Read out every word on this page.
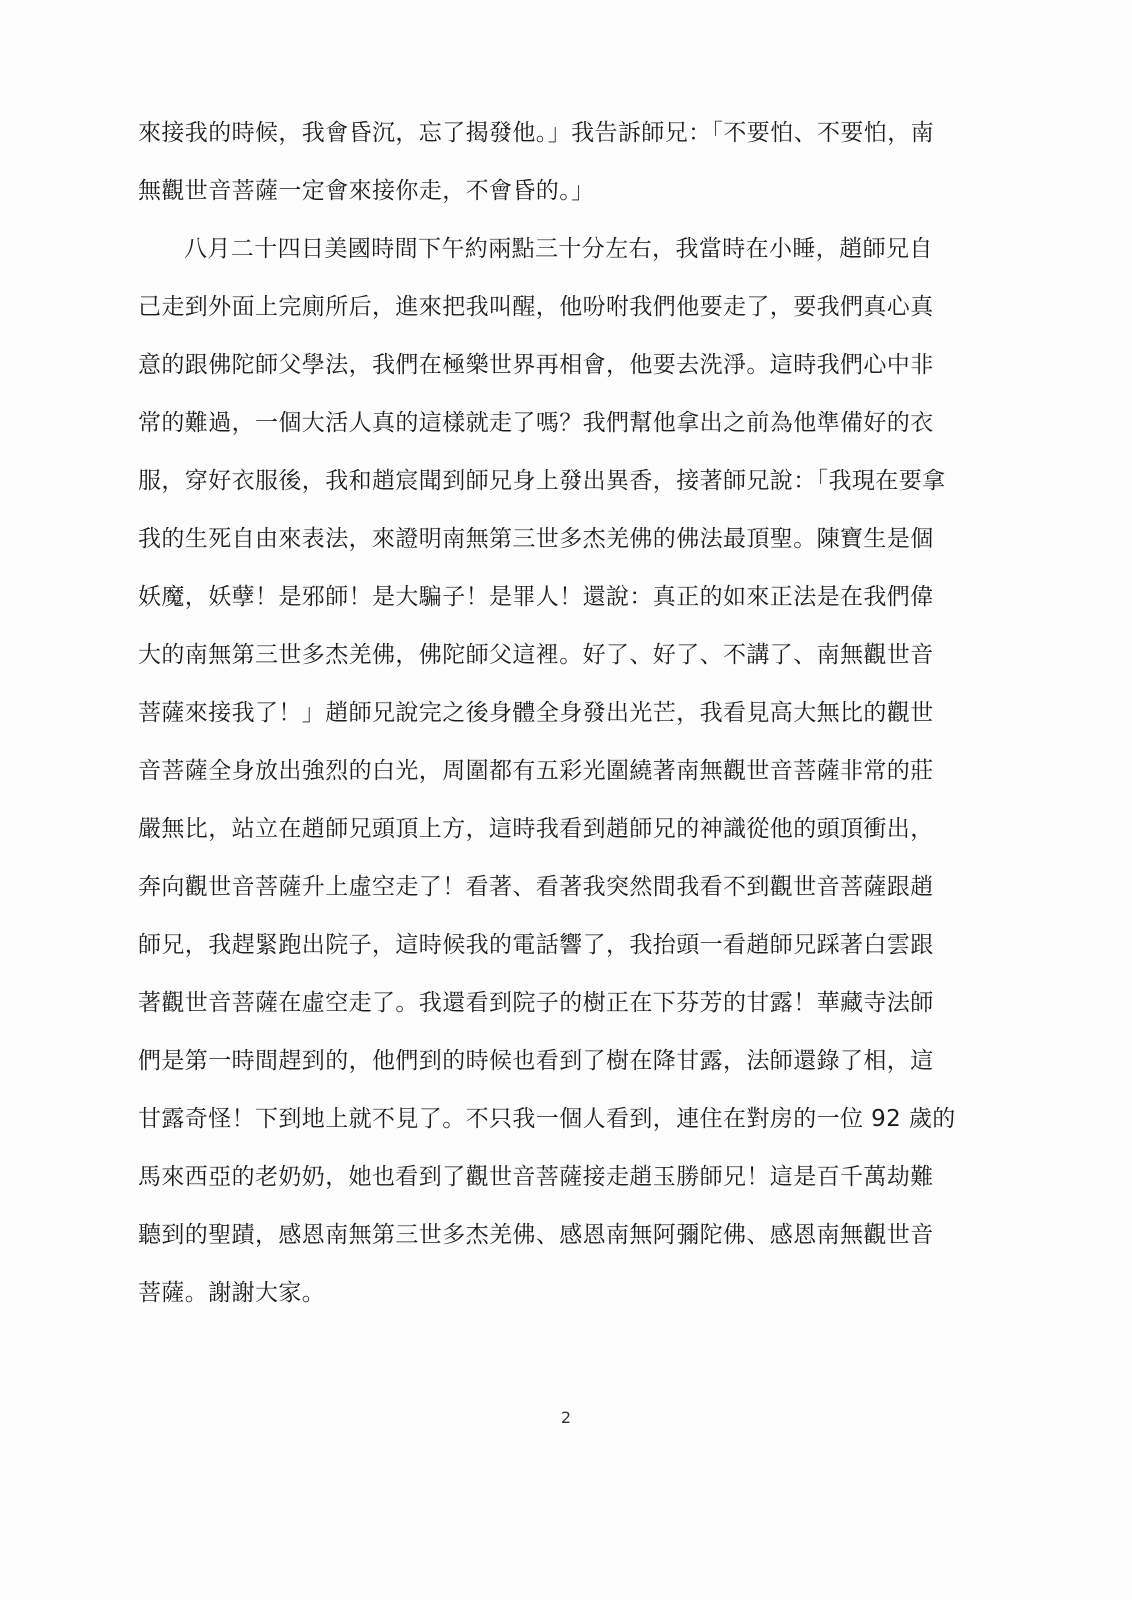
來接我的時候，我會昏沉，忘了揭發他。」我告訴師兄：「不要怕、不要怕，南
無觀世音菩薩一定會來接你走，不會昏的。」
八月二十四日美國時間下午約兩點三十分左右，我當時在小睡，趙師兄自
己走到外面上完廁所后，進來把我叫醒，他吩咐我們他要走了，要我們真心真
意的跟佛陀師父學法，我們在極樂世界再相會，他要去洗淨。這時我們心中非
常的難過，一個大活人真的這樣就走了嗎？我們幫他拿出之前為他準備好的衣
服，穿好衣服後，我和趙宸聞到師兄身上發出異香，接著師兄說：「我現在要拿
我的生死自由來表法，來證明南無第三世多杰羌佛的佛法最頂聖。陳寶生是個
妖魔，妖孽！是邪師！是大騙子！是罪人！還說：真正的如來正法是在我們偉
大的南無第三世多杰羌佛，佛陀師父這裡。好了、好了、不講了、南無觀世音
菩薩來接我了！」趙師兄說完之後身體全身發出光芒，我看見高大無比的觀世
音菩薩全身放出強烈的白光，周圍都有五彩光圍繞著南無觀世音菩薩非常的莊
嚴無比，站立在趙師兄頭頂上方，這時我看到趙師兄的神識從他的頭頂衝出，
奔向觀世音菩薩升上虛空走了！看著、看著我突然間我看不到觀世音菩薩跟趙
師兄，我趕緊跑出院子，這時候我的電話響了，我抬頭一看趙師兄踩著白雲跟
著觀世音菩薩在虛空走了。我還看到院子的樹正在下芬芳的甘露！華藏寺法師
們是第一時間趕到的，他們到的時候也看到了樹在降甘露，法師還錄了相，這
甘露奇怪！下到地上就不見了。不只我一個人看到，連住在對房的一位 92 歲的
馬來西亞的老奶奶，她也看到了觀世音菩薩接走趙玉勝師兄！這是百千萬劫難
聽到的聖蹟，感恩南無第三世多杰羌佛、感恩南無阿彌陀佛、感恩南無觀世音
菩薩。謝謝大家。
2
